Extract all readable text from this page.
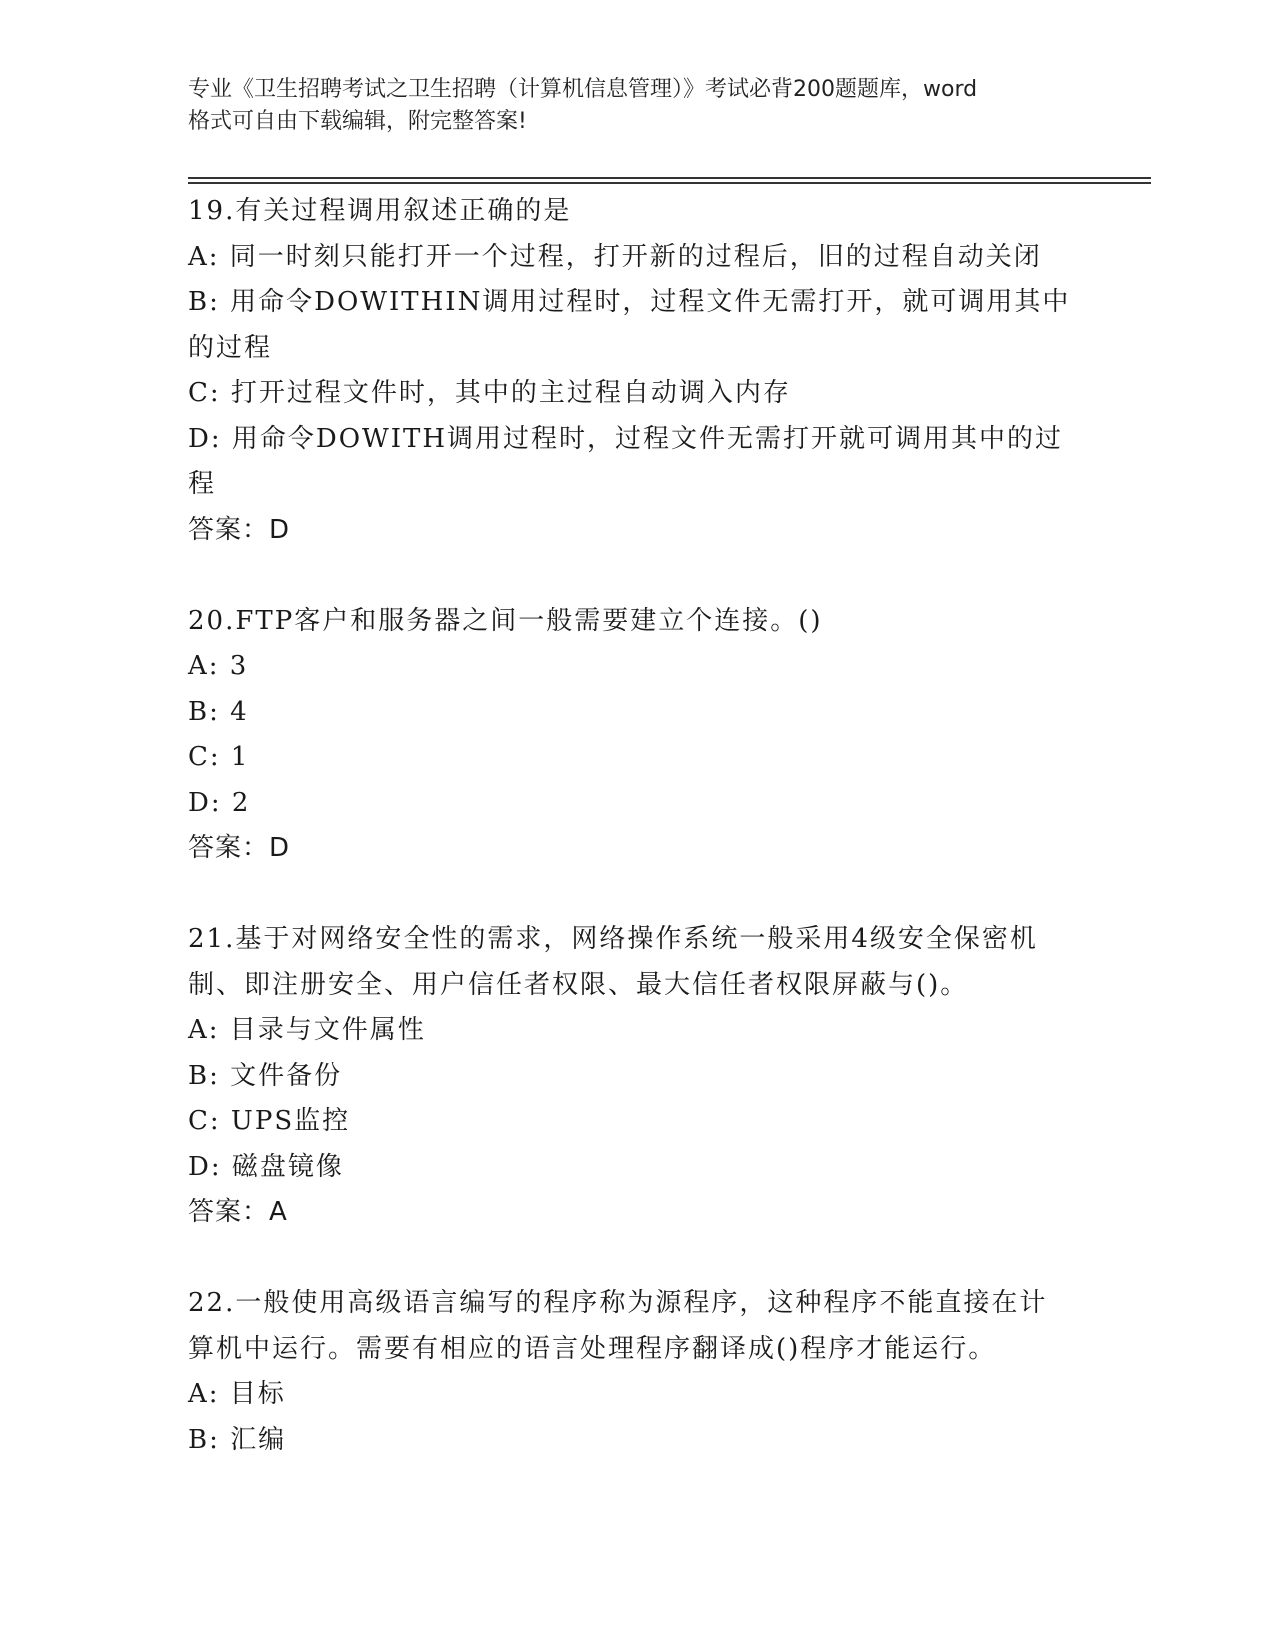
专业《卫生招聘考试之卫生招聘（计算机信息管理）》考试必背200题题库，word
格式可自由下载编辑，附完整答案!
19.有关过程调用叙述正确的是
A: 同一时刻只能打开一个过程，打开新的过程后，旧的过程自动关闭
B: 用命令DOWITHIN调用过程时，过程文件无需打开，就可调用其中
的过程
C: 打开过程文件时，其中的主过程自动调入内存
D: 用命令DOWITH调用过程时，过程文件无需打开就可调用其中的过
程
答案：D
20.FTP客户和服务器之间一般需要建立个连接。()
A: 3
B: 4
C: 1
D: 2
答案：D
21.基于对网络安全性的需求，网络操作系统一般采用4级安全保密机
制、即注册安全、用户信任者权限、最大信任者权限屏蔽与()。
A: 目录与文件属性
B: 文件备份
C: UPS监控
D: 磁盘镜像
答案：A
22.一般使用高级语言编写的程序称为源程序，这种程序不能直接在计
算机中运行。需要有相应的语言处理程序翻译成()程序才能运行。
A: 目标
B: 汇编
